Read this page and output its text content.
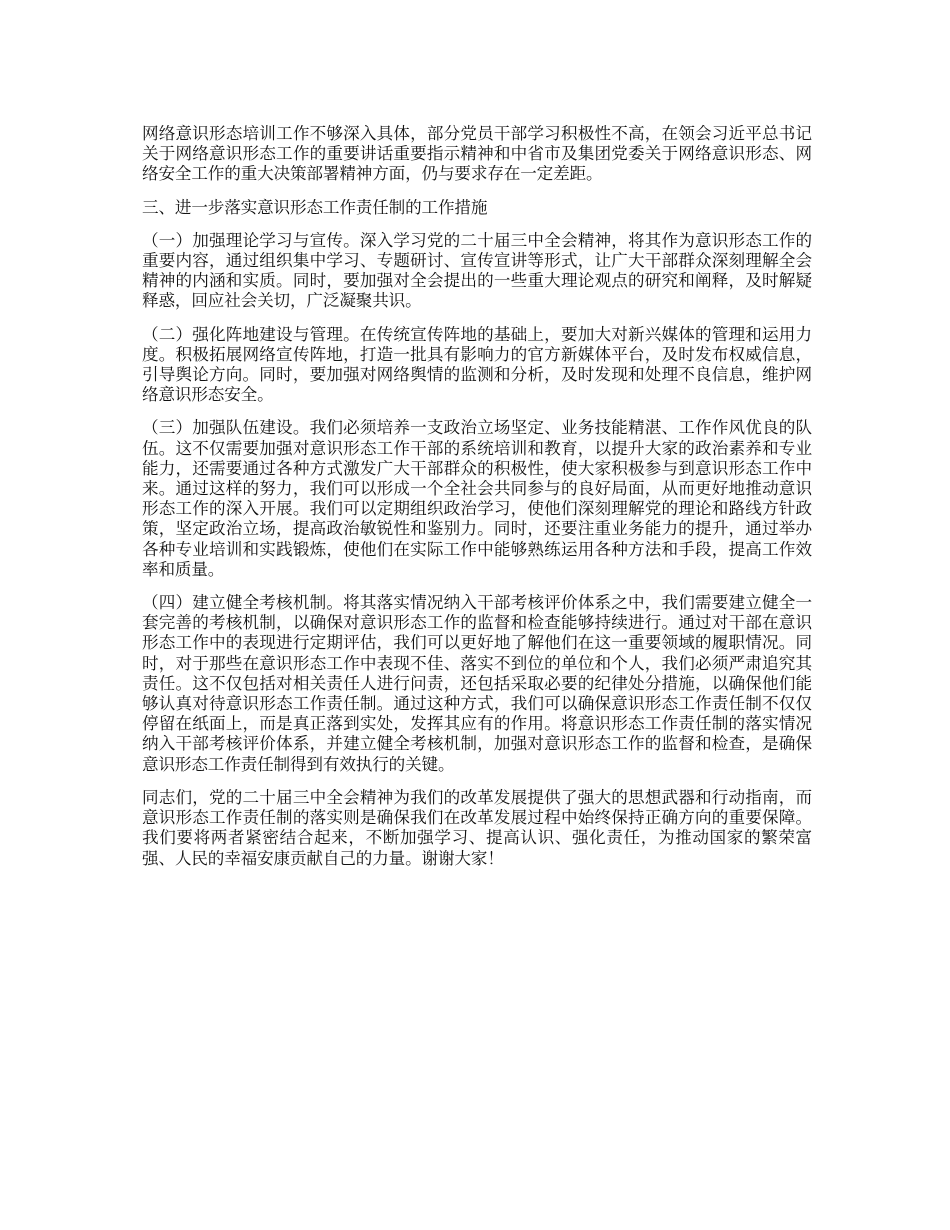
网络意识形态培训工作不够深入具体，部分党员干部学习积极性不高，在领会习近平总书记关于网络意识形态工作的重要讲话重要指示精神和中省市及集团党委关于网络意识形态、网络安全工作的重大决策部署精神方面，仍与要求存在一定差距。

三、进一步落实意识形态工作责任制的工作措施

（一）加强理论学习与宣传。深入学习党的二十届三中全会精神，将其作为意识形态工作的重要内容，通过组织集中学习、专题研讨、宣传宣讲等形式，让广大干部群众深刻理解全会精神的内涵和实质。同时，要加强对全会提出的一些重大理论观点的研究和阐释，及时解疑释惑，回应社会关切，广泛凝聚共识。

（二）强化阵地建设与管理。在传统宣传阵地的基础上，要加大对新兴媒体的管理和运用力度。积极拓展网络宣传阵地，打造一批具有影响力的官方新媒体平台，及时发布权威信息，引导舆论方向。同时，要加强对网络舆情的监测和分析，及时发现和处理不良信息，维护网络意识形态安全。

（三）加强队伍建设。我们必须培养一支政治立场坚定、业务技能精湛、工作作风优良的队伍。这不仅需要加强对意识形态工作干部的系统培训和教育，以提升大家的政治素养和专业能力，还需要通过各种方式激发广大干部群众的积极性，使大家积极参与到意识形态工作中来。通过这样的努力，我们可以形成一个全社会共同参与的良好局面，从而更好地推动意识形态工作的深入开展。我们可以定期组织政治学习，使他们深刻理解党的理论和路线方针政策，坚定政治立场，提高政治敏锐性和鉴别力。同时，还要注重业务能力的提升，通过举办各种专业培训和实践锻炼，使他们在实际工作中能够熟练运用各种方法和手段，提高工作效率和质量。

（四）建立健全考核机制。将其落实情况纳入干部考核评价体系之中，我们需要建立健全一套完善的考核机制，以确保对意识形态工作的监督和检查能够持续进行。通过对干部在意识形态工作中的表现进行定期评估，我们可以更好地了解他们在这一重要领域的履职情况。同时，对于那些在意识形态工作中表现不佳、落实不到位的单位和个人，我们必须严肃追究其责任。这不仅包括对相关责任人进行问责，还包括采取必要的纪律处分措施，以确保他们能够认真对待意识形态工作责任制。通过这种方式，我们可以确保意识形态工作责任制不仅仅停留在纸面上，而是真正落到实处，发挥其应有的作用。将意识形态工作责任制的落实情况纳入干部考核评价体系，并建立健全考核机制，加强对意识形态工作的监督和检查，是确保意识形态工作责任制得到有效执行的关键。

同志们，党的二十届三中全会精神为我们的改革发展提供了强大的思想武器和行动指南，而意识形态工作责任制的落实则是确保我们在改革发展过程中始终保持正确方向的重要保障。我们要将两者紧密结合起来，不断加强学习、提高认识、强化责任，为推动国家的繁荣富强、人民的幸福安康贡献自己的力量。谢谢大家！
